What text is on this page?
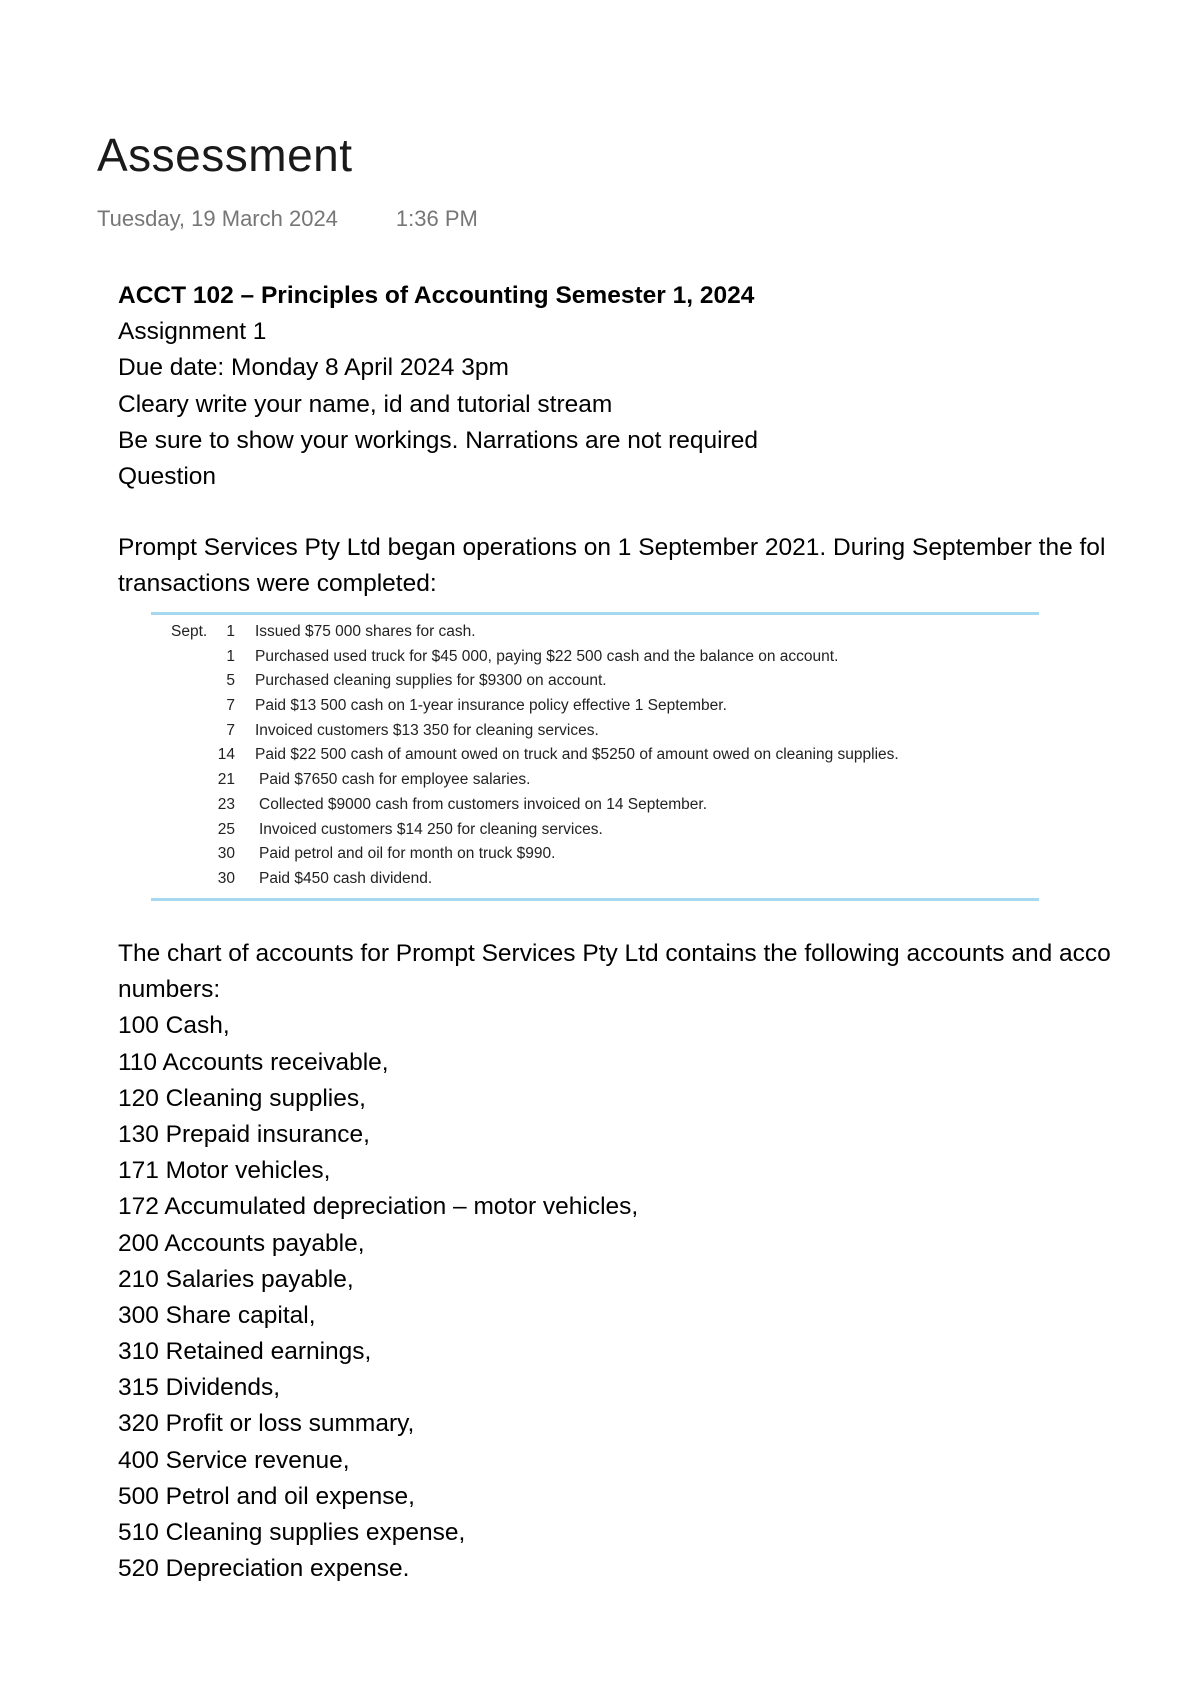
Assessment
Tuesday, 19 March 2024	1:36 PM
ACCT 102 – Principles of Accounting Semester 1, 2024
Assignment 1
Due date: Monday 8 April 2024 3pm
Cleary write your name, id and tutorial stream
Be sure to show your workings. Narrations are not required
Question
Prompt Services Pty Ltd began operations on 1 September 2021. During September the fol
transactions were completed:
Sept.	1	Issued $75 000 shares for cash.
1	Purchased used truck for $45 000, paying $22 500 cash and the balance on account.
5	Purchased cleaning supplies for $9300 on account.
7	Paid $13 500 cash on 1-year insurance policy effective 1 September.
7	Invoiced customers $13 350 for cleaning services.
14	Paid $22 500 cash of amount owed on truck and $5250 of amount owed on cleaning supplies.
21	Paid $7650 cash for employee salaries.
23	Collected $9000 cash from customers invoiced on 14 September.
25	Invoiced customers $14 250 for cleaning services.
30	Paid petrol and oil for month on truck $990.
30	Paid $450 cash dividend.
The chart of accounts for Prompt Services Pty Ltd contains the following accounts and acco
numbers:
100 Cash,
110 Accounts receivable,
120 Cleaning supplies,
130 Prepaid insurance,
171 Motor vehicles,
172 Accumulated depreciation – motor vehicles,
200 Accounts payable,
210 Salaries payable,
300 Share capital,
310 Retained earnings,
315 Dividends,
320 Profit or loss summary,
400 Service revenue,
500 Petrol and oil expense,
510 Cleaning supplies expense,
520 Depreciation expense.
